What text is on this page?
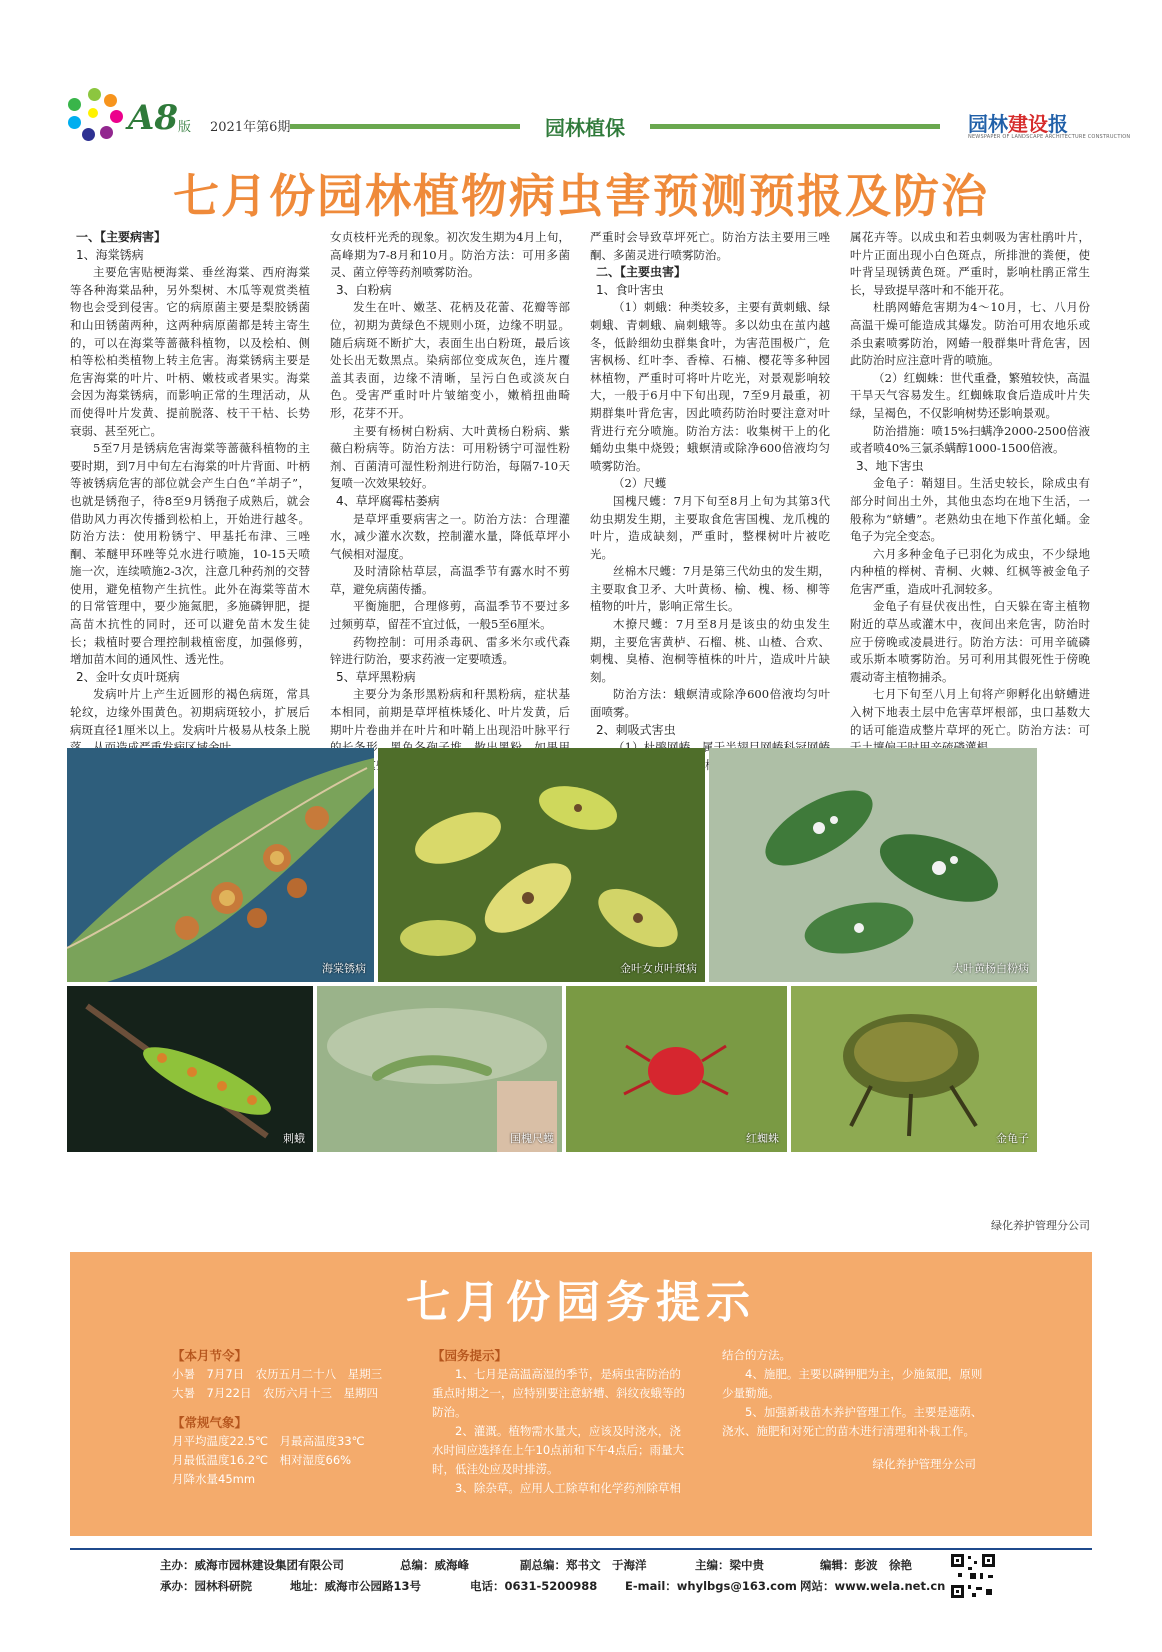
A8 版 2021年第6期	园林植保	园林建设报
NEWSPAPER OF LANDSCAPE ARCHITECTURE CONSTRUCTION
七月份园林植物病虫害预测预报及防治

一、【主要病害】

1、海棠锈病

主要危害贴梗海棠、垂丝海棠、西府海棠等各种海棠品种，另外梨树、木瓜等观赏类植物也会受到侵害。它的病原菌主要是梨胶锈菌和山田锈菌两种，这两种病原菌都是转主寄生的，可以在海棠等蔷薇科植物，以及桧柏、侧柏等松柏类植物上转主危害。海棠锈病主要是危害海棠的叶片、叶柄、嫩枝或者果实。海棠会因为海棠锈病，而影响正常的生理活动，从而使得叶片发黄、提前脱落、枝干干枯、长势衰弱、甚至死亡。

5至7月是锈病危害海棠等蔷薇科植物的主要时期，到7月中旬左右海棠的叶片背面、叶柄等被锈病危害的部位就会产生白色“羊胡子”，也就是锈孢子，待8至9月锈孢子成熟后，就会借助风力再次传播到松柏上，开始进行越冬。防治方法：使用粉锈宁、甲基托布津、三唑酮、苯醚甲环唑等兑水进行喷施，10-15天喷施一次，连续喷施2-3次，注意几种药剂的交替使用，避免植物产生抗性。此外在海棠等苗木的日常管理中，要少施氮肥，多施磷钾肥，提高苗木抗性的同时，还可以避免苗木发生徒长；栽植时要合理控制栽植密度，加强修剪，增加苗木间的通风性、透光性。

2、金叶女贞叶斑病

发病叶片上产生近圆形的褐色病斑，常具轮纹，边缘外围黄色。初期病斑较小，扩展后病斑直径1厘米以上。发病叶片极易从枝条上脱

女贞枝杆光秃的现象。初次发生期为4月上旬，高峰期为7-8月和10月。防治方法：可用多菌灵、菌立停等药剂喷雾防治。

3、白粉病

发生在叶、嫩茎、花柄及花蕾、花瓣等部位，初期为黄绿色不规则小斑，边缘不明显。随后病斑不断扩大，表面生出白粉斑，最后该处长出无数黑点。染病部位变成灰色，连片覆盖其表面，边缘不清晰，呈污白色或淡灰白色。受害严重时叶片皱缩变小，嫩梢扭曲畸形，花芽不开。

主要有杨树白粉病、大叶黄杨白粉病、紫薇白粉病等。防治方法：可用粉锈宁可湿性粉剂、百菌清可湿性粉剂进行防治，每隔7-10天复喷一次效果较好。

4、草坪腐霉枯萎病

是草坪重要病害之一。防治方法：合理灌水，减少灌水次数，控制灌水量，降低草坪小气候相对湿度。

及时清除枯草层，高温季节有露水时不剪草，避免病菌传播。

平衡施肥，合理修剪，高温季节不要过多过频剪草，留茬不宜过低，一般5至6厘米。

药物控制：可用杀毒矾、雷多米尔或代森锌进行防治，要求药液一定要喷透。

5、草坪黑粉病

主要分为条形黑粉病和秆黑粉病，症状基本相同，前期是草坪植株矮化、叶片发黄，后期叶片卷曲并在叶片和叶鞘上出现沿叶脉平行 这些

严重时会导致草坪死亡。防治方法主要用三唑酮、多菌灵进行喷雾防治。

二、【主要虫害】

1、食叶害虫

（1）刺蛾：种类较多，主要有黄刺蛾、绿刺蛾、青刺蛾、扁刺蛾等。多以幼虫在茧内越冬，低龄细幼虫群集食叶，为害范围极广，危害枫杨、红叶李、香樟、石楠、樱花等多种园林植物，严重时可将叶片吃光，对景观影响较大，一般于6月中下旬出现，7至9月最重，初期群集叶背危害，因此喷药防治时要注意对叶背进行充分喷施。防治方法：收集树干上的化蛹幼虫集中烧毁；蛾螟清或除净600倍液均匀喷雾防治。

（2）尺蠖

国槐尺蠖：7月下旬至8月上旬为其第3代幼虫期发生期，主要取食危害国槐、龙爪槐的叶片，造成缺刻，严重时，整棵树叶片被吃光。

丝棉木尺蠖：7月是第三代幼虫的发生期，主要取食卫矛、大叶黄杨、榆、槐、杨、柳等植物的叶片，影响正常生长。

木撩尺蠖：7月至8月是该虫的幼虫发生期，主要危害黄栌、石榴、桃、山楂、合欢、刺槐、臭椿、泡桐等植株的叶片，造成叶片缺刻。

防治方法：蛾螟清或除净600倍液均匀叶面喷雾。

2、刺吸式害虫

属花卉等。以成虫和若虫刺吸为害杜鹃叶片，叶片正面出现小白色斑点，所排泄的粪便，使叶背呈现锈黄色斑。严重时，影响杜鹃正常生长，导致提早落叶和不能开花。

杜鹃网蝽危害期为4～10月，七、八月份高温干燥可能造成其爆发。防治可用农地乐或杀虫素喷雾防治，网蝽一般群集叶背危害，因此防治时应注意叶背的喷施。

（2）红蜘蛛：世代重叠，繁殖较快，高温干旱天气容易发生。红蜘蛛取食后造成叶片失绿，呈褐色，不仅影响树势还影响景观。

防治措施：喷15%扫螨净2000-2500倍液或者喷40%三氯杀螨醇1000-1500倍液。

3、地下害虫

金龟子：鞘翅目。生活史较长，除成虫有部分时间出土外，其他虫态均在地下生活，一般称为“蛴螬”。老熟幼虫在地下作茧化蛹。金龟子为完全变态。

六月多种金龟子已羽化为成虫，不少绿地内种植的榉树、青桐、火棘、红枫等被金龟子危害严重，造成叶孔洞较多。

金龟子有昼伏夜出性，白天躲在寄主植物附近的草丛或灌木中，夜间出来危害，防治时应于傍晚或凌晨进行。防治方法：可用辛硫磷或乐斯本喷雾防治。另可利用其假死性于傍晚震动寄主植物捕杀。

七月下旬至八月上旬将产卵孵化出蛴螬进入树下地表土层中危害草坪根部，虫口基数大的话可能造成整片草坪的死亡。防治方法：可

海棠锈病	金叶女贞叶斑病	大叶黄杨白粉病
刺蛾	国槐尺蠖	红蜘蛛	金龟子
绿化养护管理分公司
七月份园务提示

【本月节令】

小暑　 7月7日　 农历五月二十八　 星期三

大暑　 7月22日　 农历六月十三　 星期四

【常规气象】

月平均温度22.5℃　 月最高温度33℃

月最低温度16.2℃　 相对湿度66%

月降水量45mm

【园务提示】

1、七月是高温高湿的季节，是病虫害防治的重点时期之一，应特别要注意蛴螬、斜纹夜蛾等的防治。

2、灌溉。植物需水量大，应该及时浇水，浇水时间应选择在上午10点前和下午4点后；雨量大时，低洼处应及时排涝。

3、除杂草。应用人工除草和化学药剂除草相

结合的方法。

4、施肥。主要以磷钾肥为主，少施氮肥，原则少量勤施。

5、加强新栽苗木养护管理工作。主要是遮荫、浇水、施肥和对死亡的苗木进行清理和补栽工作。

绿化养护管理分公司

主办：威海市园林建设集团有限公司
承办：园林科研院
总编：威海峰
地址：威海市公园路13号
副总编：郑书文　于海洋
电话：0631-5200988
主编：梁中贵
E-mail：whylbgs@163.com
编辑：彭波　徐艳
网站：www.wela.net.cn
